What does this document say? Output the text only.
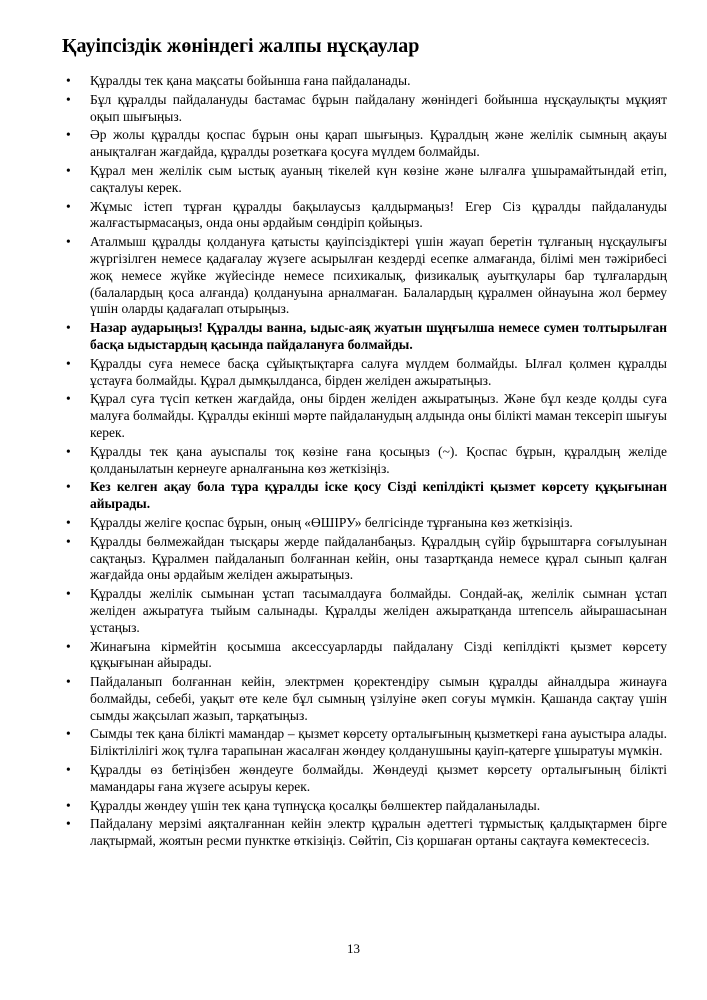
Қауіпсіздік жөніндегі жалпы нұсқаулар
• Құралды тек қана мақсаты бойынша ғана пайдаланады.
• Бұл құралды пайдалануды бастамас бұрын пайдалану жөніндегі бойынша нұсқаулықты мұқият оқып шығыңыз.
• Әр жолы құралды қоспас бұрын оны қарап шығыңыз. Құралдың және желілік сымның ақауы анықталған жағдайда, құралды розеткаға қосуға мүлдем болмайды.
• Құрал мен желілік сым ыстық ауаның тікелей күн көзіне және ылғалға ұшырамайтындай етіп, сақталуы керек.
• Жұмыс істеп тұрған құралды бақылаусыз қалдырмаңыз! Егер Сіз құралды пайдалануды жалғастырмасаңыз, онда оны әрдайым сөндіріп қойыңыз.
• Аталмыш құралды қолдануға қатысты қауіпсіздіктері үшін жауап беретін тұлғаның нұсқаулығы жүргізілген немесе қадағалау жүзеге асырылған кездерді есепке алмағанда, білімі мен тәжірибесі жоқ немесе жүйке жүйесінде немесе психикалық, физикалық ауытқулары бар тұлғалардың (балалардың қоса алғанда) қолдануына арналмаған. Балалардың құралмен ойнауына жол бермеу үшін оларды қадағалап отырыңыз.
• Назар аударыңыз! Құралды ванна, ыдыс-аяқ жуатын шұңғылша немесе сумен толтырылған басқа ыдыстардың қасында пайдалануға болмайды.
• Құралды суға немесе басқа сұйықтықтарға салуға мүлдем болмайды. Ылғал қолмен құралды ұстауға болмайды. Құрал дымқылданса, бірден желіден ажыратыңыз.
• Құрал суға түсіп кеткен жағдайда, оны бірден желіден ажыратыңыз. Және бұл кезде қолды суға малуға болмайды. Құралды екінші мәрте пайдаланудың алдында оны білікті маман тексеріп шығуы керек.
• Құралды тек қана ауыспалы тоқ көзіне ғана қосыңыз (~). Қоспас бұрын, құралдың желіде қолданылатын кернеуге арналғанына көз жеткізіңіз.
• Кез келген ақау бола тұра құралды іске қосу Сізді кепілдікті қызмет көрсету құқығынан айырады.
• Құралды желіге қоспас бұрын, оның «ӨШІРУ» белгісінде тұрғанына көз жеткізіңіз.
• Құралды бөлмежайдан тысқары жерде пайдаланбаңыз. Құралдың сүйір бұрыштарға соғылуынан сақтаңыз. Құралмен пайдаланып болғаннан кейін, оны тазартқанда немесе құрал сынып қалған жағдайда оны әрдайым желіден ажыратыңыз.
• Құралды желілік сымынан ұстап тасымалдауға болмайды. Сондай-ақ, желілік сымнан ұстап желіден ажыратуға тыйым салынады. Құралды желіден ажыратқанда штепсель айырашасынан ұстаңыз.
• Жинағына кірмейтін қосымша аксессуарларды пайдалану Сізді кепілдікті қызмет көрсету құқығынан айырады.
• Пайдаланып болғаннан кейін, электрмен қоректендіру сымын құралды айналдыра жинауға болмайды, себебі, уақыт өте келе бұл сымның үзілуіне әкеп соғуы мүмкін. Қашанда сақтау үшін сымды жақсылап жазып, тарқатыңыз.
• Сымды тек қана білікті мамандар – қызмет көрсету орталығының қызметкері ғана ауыстыра алады. Біліктілілігі жоқ тұлға тарапынан жасалған жөндеу қолданушыны қауіп-қатерге ұшыратуы мүмкін.
• Құралды өз бетіңізбен жөндеуге болмайды. Жөндеуді қызмет көрсету орталығының білікті мамандары ғана жүзеге асыруы керек.
• Құралды жөндеу үшін тек қана түпнұсқа қосалқы бөлшектер пайдаланылады.
• Пайдалану мерзімі аяқталғаннан кейін электр құралын әдеттегі тұрмыстық қалдықтармен бірге лақтырмай, жоятын ресми пунктке өткізіңіз. Сөйтіп, Сіз қоршаған ортаны сақтауға көмектесесіз.
13
